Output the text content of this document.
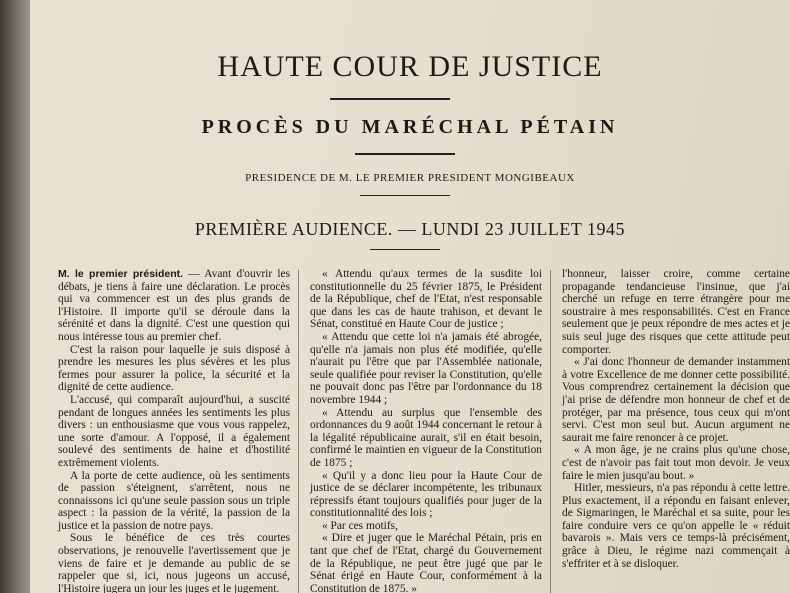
HAUTE COUR DE JUSTICE
PROCÈS DU MARÉCHAL PÉTAIN
PRESIDENCE DE M. LE PREMIER PRESIDENT MONGIBEAUX
PREMIÈRE AUDIENCE. — LUNDI 23 JUILLET 1945

M. le premier président. — Avant d'ouvrir les débats, je tiens à faire une déclaration. Le procès qui va commencer est un des plus grands de l'Histoire. Il importe qu'il se déroule dans la sérénité et dans la dignité. C'est une question qui nous intéresse tous au premier chef.

C'est la raison pour laquelle je suis disposé à prendre les mesures les plus sévères et les plus fermes pour assurer la police, la sécurité et la dignité de cette audience.

L'accusé, qui comparaît aujourd'hui, a suscité pendant de longues années les sentiments les plus divers : un enthousiasme que vous vous rappelez, une sorte d'amour. A l'opposé, il a également soulevé des sentiments de haine et d'hostilité extrêmement violents.

A la porte de cette audience, où les sentiments de passion s'éteignent, s'arrêtent, nous ne connaissons ici qu'une seule passion sous un triple aspect : la passion de la vérité, la passion de la justice et la passion de notre pays.

Sous le bénéfice de ces très courtes observations, je renouvelle l'avertissement que je viens de faire et je demande au public de se rappeler que si, ici, nous jugeons un accusé, l'Histoire jugera un jour les juges et le jugement.

« Attendu qu'aux termes de la susdite loi constitutionnelle du 25 février 1875, le Président de la République, chef de l'Etat, n'est responsable que dans les cas de haute trahison, et devant le Sénat, constitué en Haute Cour de justice ;

« Attendu que cette loi n'a jamais été abrogée, qu'elle n'a jamais non plus été modifiée, qu'elle n'aurait pu l'être que par l'Assemblée nationale, seule qualifiée pour reviser la Constitution, qu'elle ne pouvait donc pas l'être par l'ordonnance du 18 novembre 1944 ;

« Attendu au surplus que l'ensemble des ordonnances du 9 août 1944 concernant le retour à la légalité républicaine aurait, s'il en était besoin, confirmé le maintien en vigueur de la Constitution de 1875 ;

« Qu'il y a donc lieu pour la Haute Cour de justice de se déclarer incompétente, les tribunaux répressifs étant toujours qualifiés pour juger de la constitutionnalité des lois ;

« Par ces motifs,

« Dire et juger que le Maréchal Pétain, pris en tant que chef de l'Etat, chargé du Gouvernement de la République, ne peut être jugé que par le Sénat érigé en Haute Cour, conformément à la Constitution de 1875. »

l'honneur, laisser croire, comme certaine propagande tendancieuse l'insinue, que j'ai cherché un refuge en terre étrangère pour me soustraire à mes responsabilités. C'est en France seulement que je peux répondre de mes actes et je suis seul juge des risques que cette attitude peut comporter.

« J'ai donc l'honneur de demander instamment à votre Excellence de me donner cette possibilité. Vous comprendrez certainement la décision que j'ai prise de défendre mon honneur de chef et de protéger, par ma présence, tous ceux qui m'ont servi. C'est mon seul but. Aucun argument ne saurait me faire renoncer à ce projet.

« A mon âge, je ne crains plus qu'une chose, c'est de n'avoir pas fait tout mon devoir. Je veux faire le mien jusqu'au bout. »

Hitler, messieurs, n'a pas répondu à cette lettre. Plus exactement, il a répondu en faisant enlever, de Sigmaringen, le Maréchal et sa suite, pour les faire conduire vers ce qu'on appelle le « réduit bavarois ». Mais vers ce temps-là précisément, grâce à Dieu, le régime nazi commençait à s'effriter et à se disloquer.
